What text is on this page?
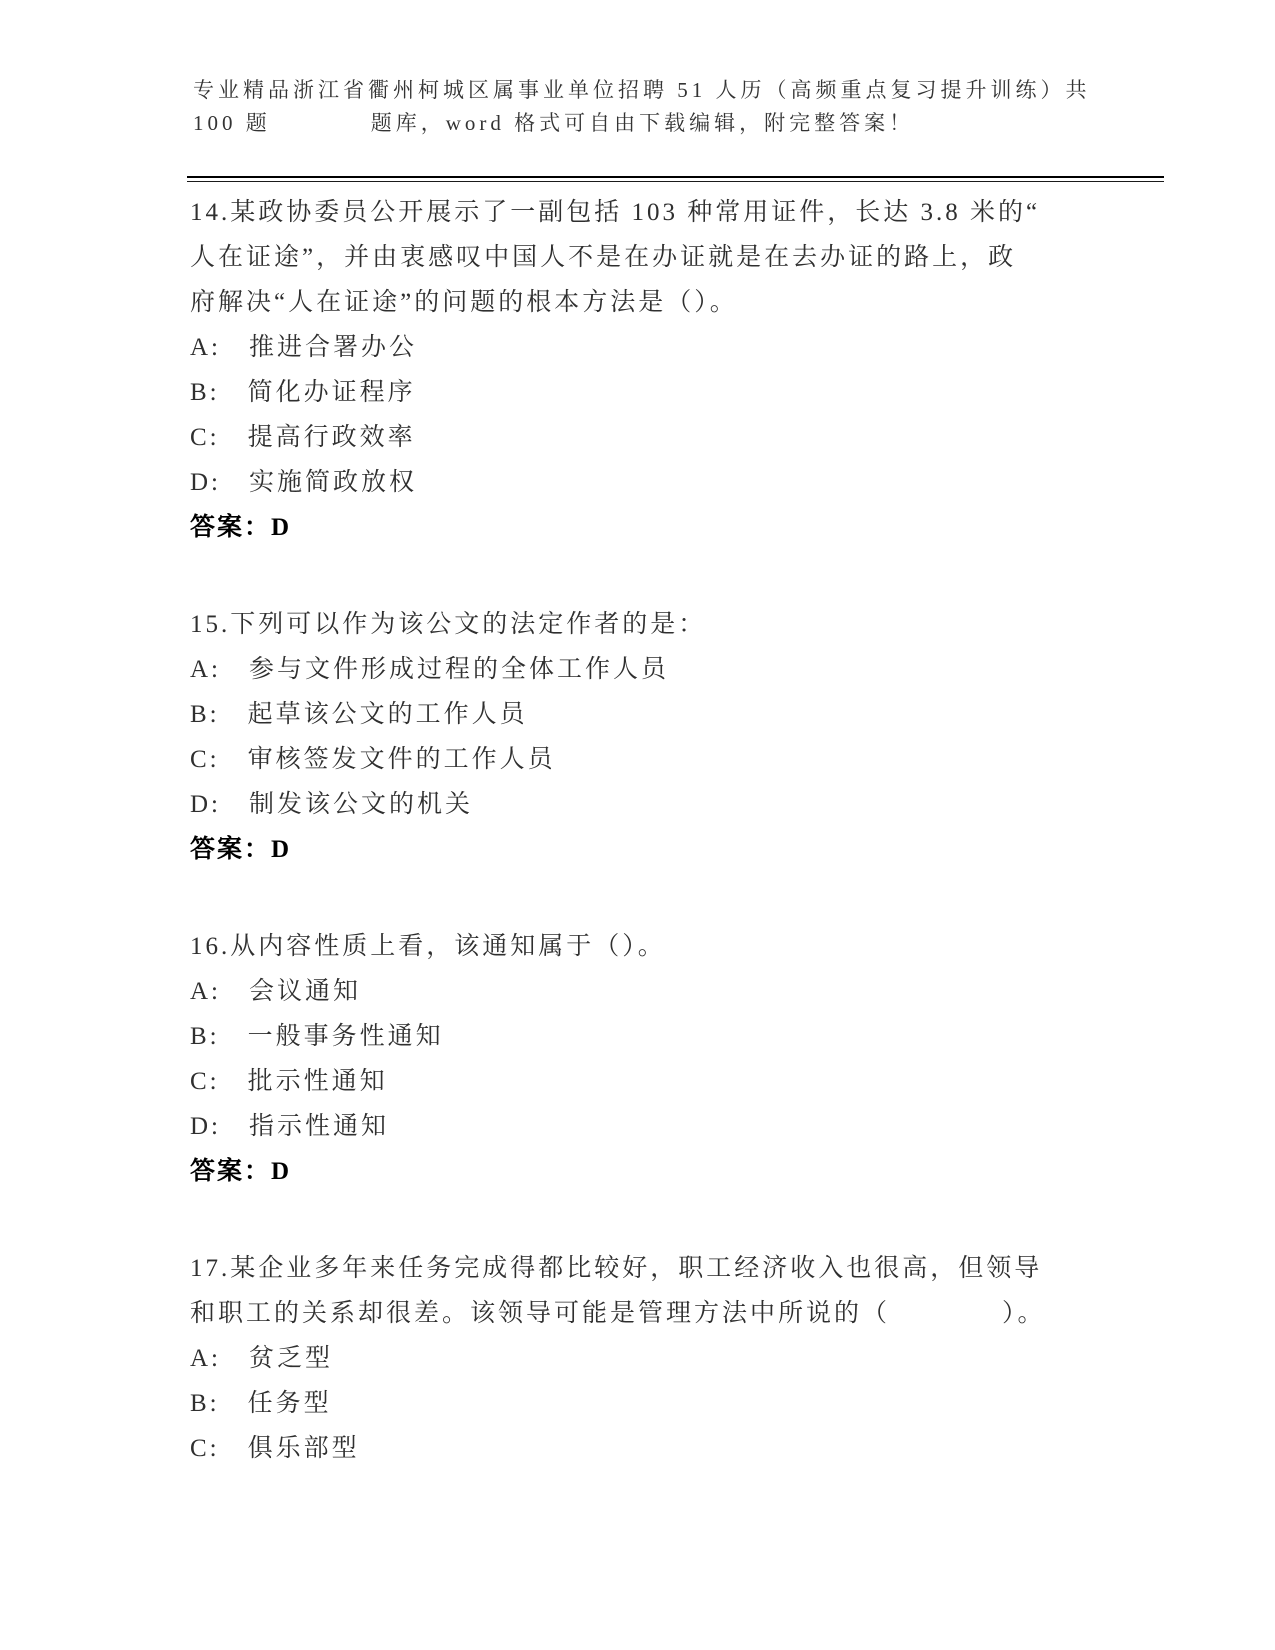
专业精品浙江省衢州柯城区属事业单位招聘 51 人历（高频重点复习提升训练）共
100 题　　　　题库，word 格式可自由下载编辑，附完整答案！
14.某政协委员公开展示了一副包括 103 种常用证件，长达 3.8 米的“
人在证途”，并由衷感叹中国人不是在办证就是在去办证的路上，政
府解决“人在证途”的问题的根本方法是（）。
A:　推进合署办公
B:　简化办证程序
C:　提高行政效率
D:　实施简政放权
答案：D
15.下列可以作为该公文的法定作者的是：
A:　参与文件形成过程的全体工作人员
B:　起草该公文的工作人员
C:　审核签发文件的工作人员
D:　制发该公文的机关
答案：D
16.从内容性质上看，该通知属于（）。
A:　会议通知
B:　一般事务性通知
C:　批示性通知
D:　指示性通知
答案：D
17.某企业多年来任务完成得都比较好，职工经济收入也很高，但领导
和职工的关系却很差。该领导可能是管理方法中所说的（　　　　）。
A:　贫乏型
B:　任务型
C:　俱乐部型
